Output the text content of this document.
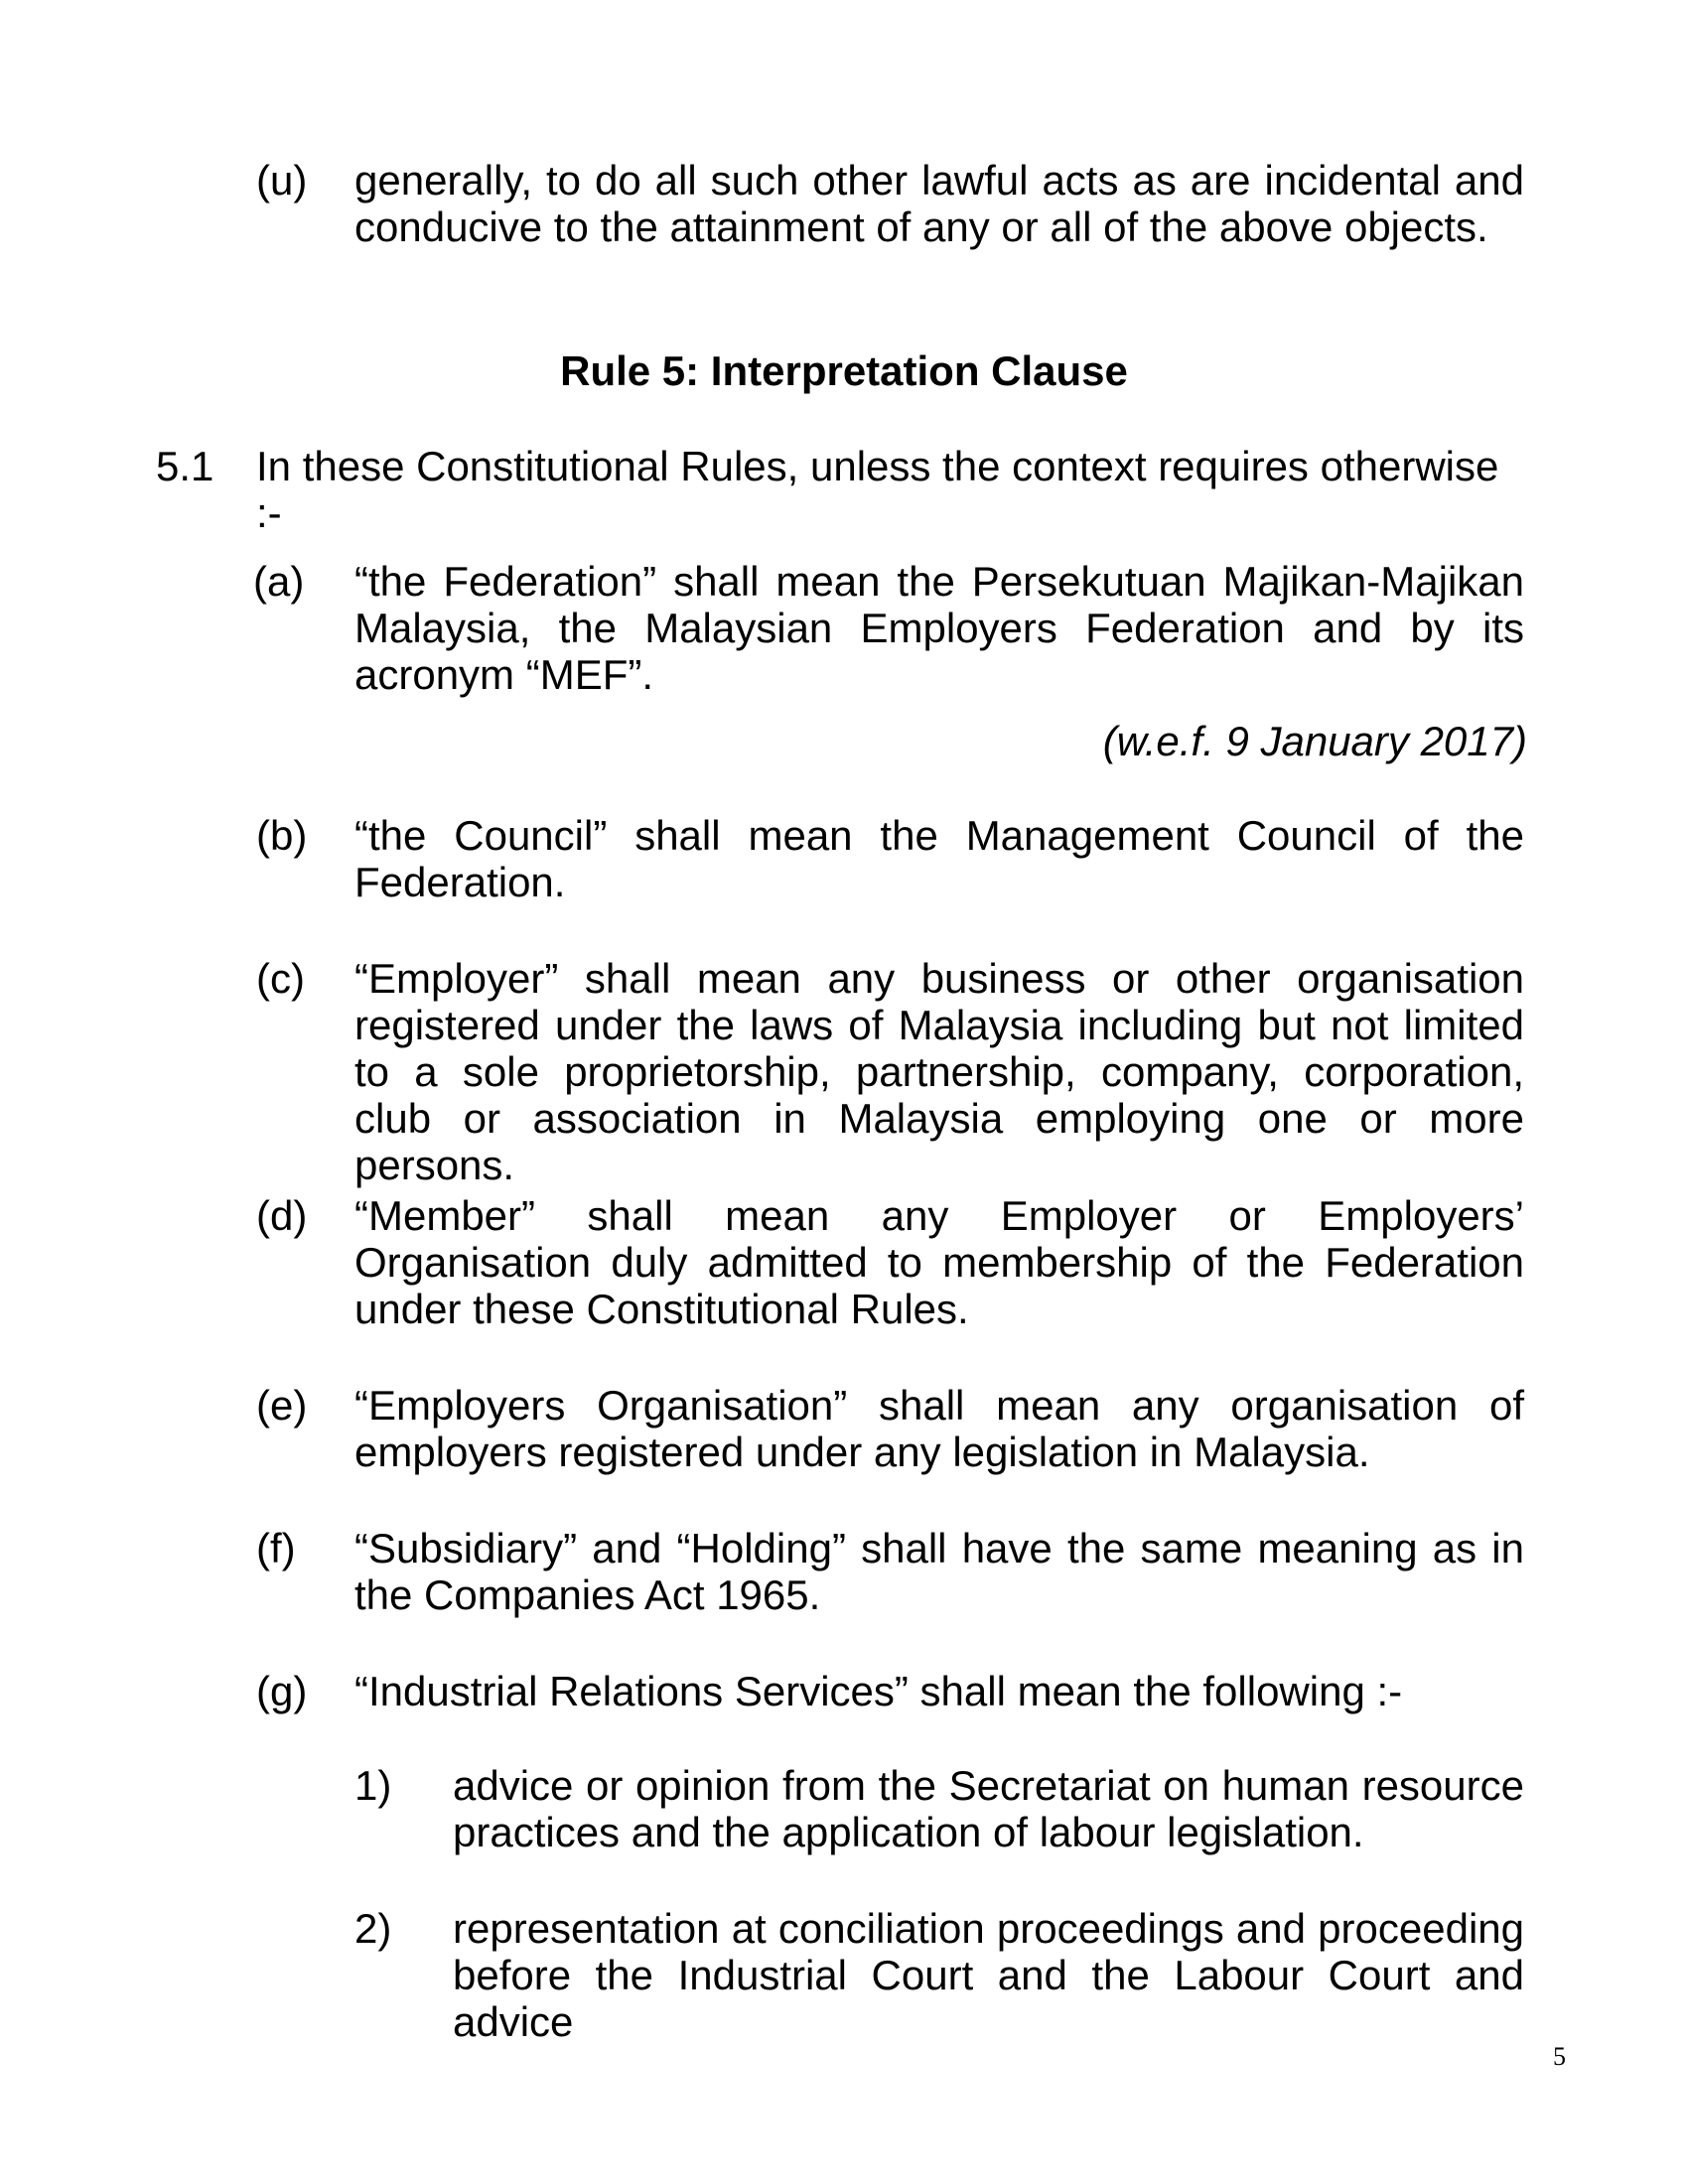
(u) generally, to do all such other lawful acts as are incidental and conducive to the attainment of any or all of the above objects.
Rule 5: Interpretation Clause
5.1 In these Constitutional Rules, unless the context requires otherwise :-
(a) “the Federation” shall mean the Persekutuan Majikan-Majikan Malaysia, the Malaysian Employers Federation and by its acronym “MEF”.
(w.e.f. 9 January 2017)
(b) “the Council” shall mean the Management Council of the Federation.
(c) “Employer” shall mean any business or other organisation registered under the laws of Malaysia including but not limited to a sole proprietorship, partnership, company, corporation, club or association in Malaysia employing one or more persons.
(d) “Member” shall mean any Employer or Employers’ Organisation duly admitted to membership of the Federation under these Constitutional Rules.
(e) “Employers Organisation” shall mean any organisation of employers registered under any legislation in Malaysia.
(f) “Subsidiary” and “Holding” shall have the same meaning as in the Companies Act 1965.
(g) “Industrial Relations Services” shall mean the following :-
1) advice or opinion from the Secretariat on human resource practices and the application of labour legislation.
2) representation at conciliation proceedings and proceeding before the Industrial Court and the Labour Court and advice
5
